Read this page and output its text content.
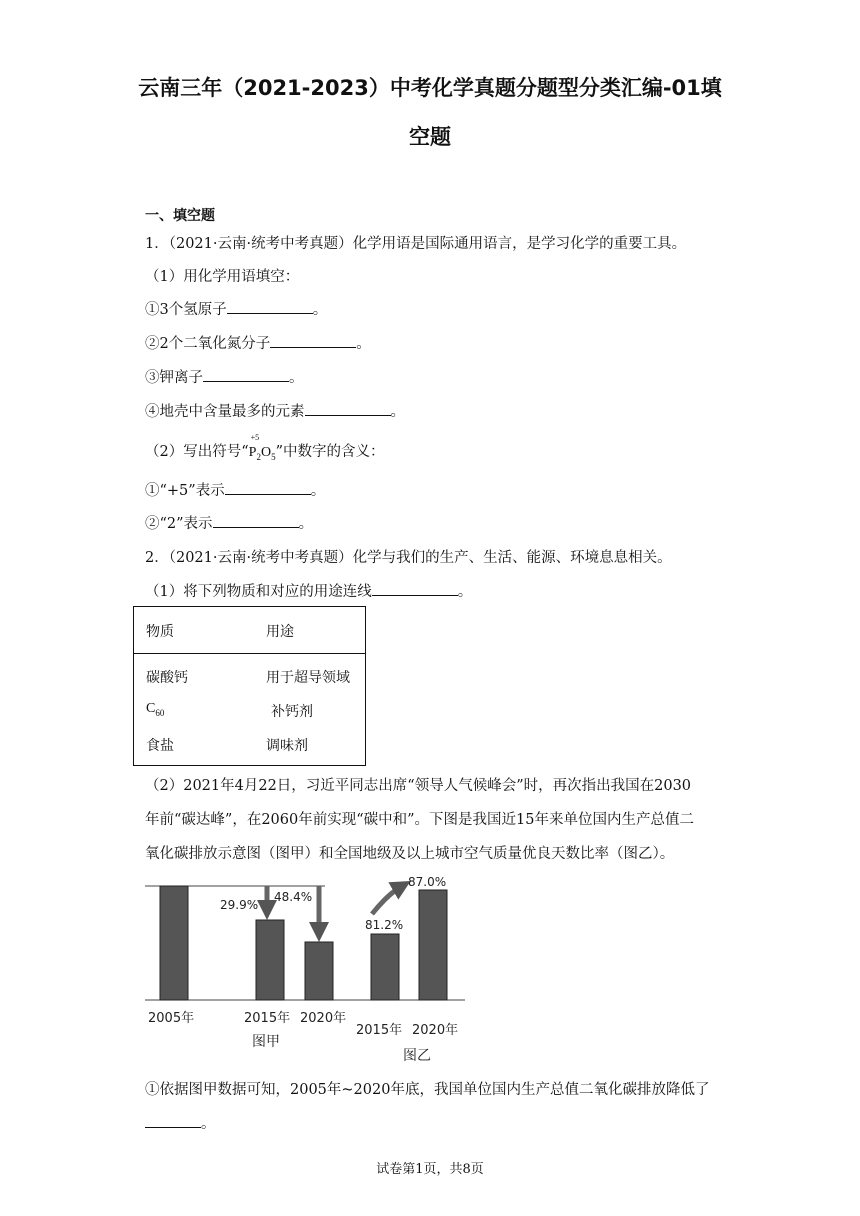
云南三年（2021-2023）中考化学真题分题型分类汇编-01填
空题
一、填空题
1．（2021·云南·统考中考真题）化学用语是国际通用语言，是学习化学的重要工具。
（1）用化学用语填空：
①3个氢原子	。
②2个二氧化氮分子	。
③钾离子	。
④地壳中含量最多的元素	。
（2）写出符号“
+5
$P_2O_5$”中数字的含义：
①“+5”表示	。
②“2”表示	。
2．（2021·云南·统考中考真题）化学与我们的生产、生活、能源、环境息息相关。
（1）将下列物质和对应的用途连线	。
物质	用途
碳酸钙	用于超导领域
$C_{60}$	补钙剂
食盐	调味剂
（2）2021年4月22日，习近平同志出席“领导人气候峰会”时，再次指出我国在2030
年前“碳达峰”，在2060年前实现“碳中和”。下图是我国近15年来单位国内生产总值二
氧化碳排放示意图（图甲）和全国地级及以上城市空气质量优良天数比率（图乙）。
29.9%
48.4%
81.2%
87.0%
2005年	2015年 2020年
2015年 2020年
图甲
图乙
①依据图甲数据可知，2005年~2020年底，我国单位国内生产总值二氧化碳排放降低了
。
试卷第1页，共8页
